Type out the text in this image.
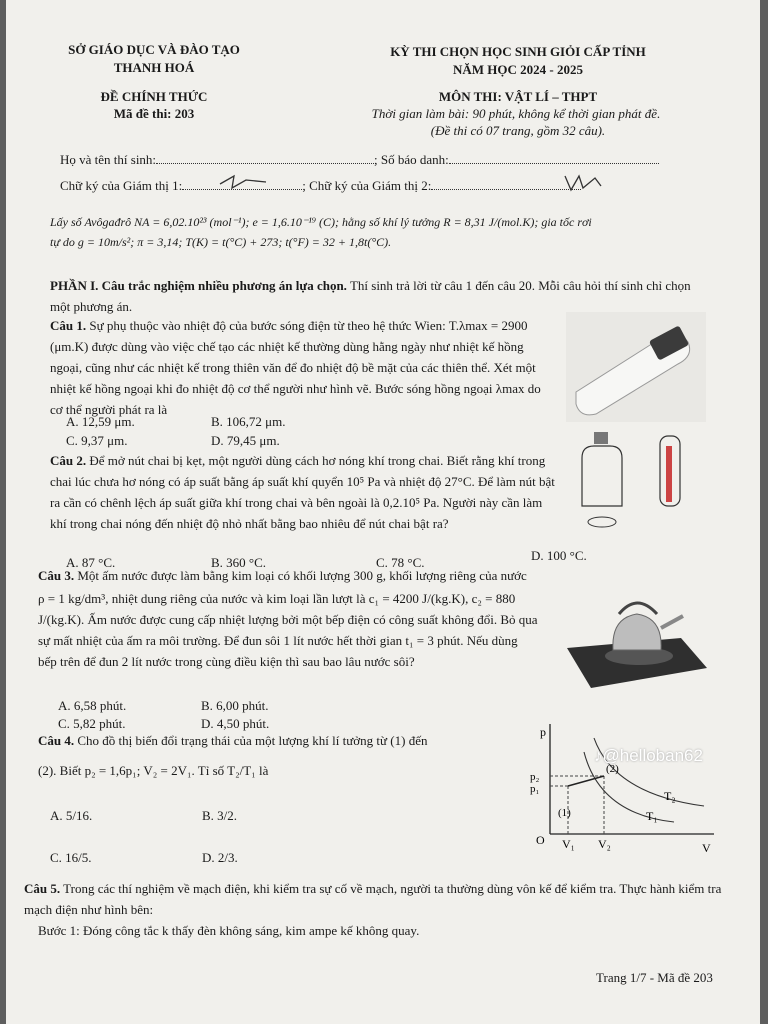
SỞ GIÁO DỤC VÀ ĐÀO TẠO
THANH HOÁ
ĐỀ CHÍNH THỨC
Mã đề thi: 203
KỲ THI CHỌN HỌC SINH GIỎI CẤP TỈNH
NĂM HỌC 2024 - 2025
MÔN THI: VẬT LÍ – THPT
Thời gian làm bài: 90 phút, không kể thời gian phát đề.
(Đề thi có 07 trang, gồm 32 câu).
Họ và tên thí sinh:	; Số báo danh:
Chữ ký của Giám thị 1:	; Chữ ký của Giám thị 2:
Lấy số Avôgađrô NA = 6,02.10²³ (mol⁻¹); e = 1,6.10⁻¹⁹ (C); hằng số khí lý tưởng R = 8,31 J/(mol.K); gia tốc rơi
tự do g = 10m/s²; π = 3,14; T(K) = t(°C) + 273; t(°F) = 32 + 1,8t(°C).
PHẦN I. Câu trắc nghiệm nhiều phương án lựa chọn. Thí sinh trả lời từ câu 1 đến câu 20. Mỗi câu hỏi thí sinh chỉ chọn một phương án.
Câu 1. Sự phụ thuộc vào nhiệt độ của bước sóng điện từ theo hệ thức Wien: T.λmax = 2900 (μm.K) được dùng vào việc chế tạo các nhiệt kế thường dùng hằng ngày như nhiệt kế hồng ngoại, cũng như các nhiệt kế trong thiên văn để đo nhiệt độ bề mặt của các thiên thể. Xét một nhiệt kế hồng ngoại khi đo nhiệt độ cơ thể người như hình vẽ. Bước sóng hồng ngoại λmax do cơ thể người phát ra là
A. 12,59 μm.	B. 106,72 μm.
C. 9,37 μm.	D. 79,45 μm.
Câu 2. Để mở nút chai bị kẹt, một người dùng cách hơ nóng khí trong chai. Biết rằng khí trong chai lúc chưa hơ nóng có áp suất bằng áp suất khí quyển 10⁵ Pa và nhiệt độ 27°C. Để làm nút bật ra cần có chênh lệch áp suất giữa khí trong chai và bên ngoài là 0,2.10⁵ Pa. Người này cần làm khí trong chai nóng đến nhiệt độ nhỏ nhất bằng bao nhiêu để nút chai bật ra?
A. 87 °C.	B. 360 °C.	C. 78 °C.	D. 100 °C.
Câu 3. Một ấm nước được làm bằng kim loại có khối lượng 300 g, khối lượng riêng của nước
ρ = 1 kg/dm³, nhiệt dung riêng của nước và kim loại lần lượt là c₁ = 4200 J/(kg.K), c₂ = 880 J/(kg.K). Ấm nước được cung cấp nhiệt lượng bởi một bếp điện có công suất không đổi. Bỏ qua sự mất nhiệt của ấm ra môi trường. Để đun sôi 1 lít nước hết thời gian t₁ = 3 phút. Nếu dùng bếp trên để đun 2 lít nước trong cùng điều kiện thì sau bao lâu nước sôi?
A. 6,58 phút.	B. 6,00 phút.
C. 5,82 phút.	D. 4,50 phút.
Câu 4. Cho đồ thị biến đổi trạng thái của một lượng khí lí tưởng từ (1) đến
(2). Biết p₂ = 1,6p₁; V₂ = 2V₁. Tỉ số T₂/T₁ là
A. 5/16.	B. 3/2.
C. 16/5.	D. 2/3.
p
p₂
p₁
(2)
(1)
T₂
T₁
O V₁ V₂	V
♪@helloban62
Câu 5. Trong các thí nghiệm về mạch điện, khi kiểm tra sự cố về mạch, người ta thường dùng vôn kế để kiểm tra. Thực hành kiểm tra mạch điện như hình bên:
Bước 1: Đóng công tắc k thấy đèn không sáng, kim ampe kế không quay.
Trang 1/7 - Mã đề 203
